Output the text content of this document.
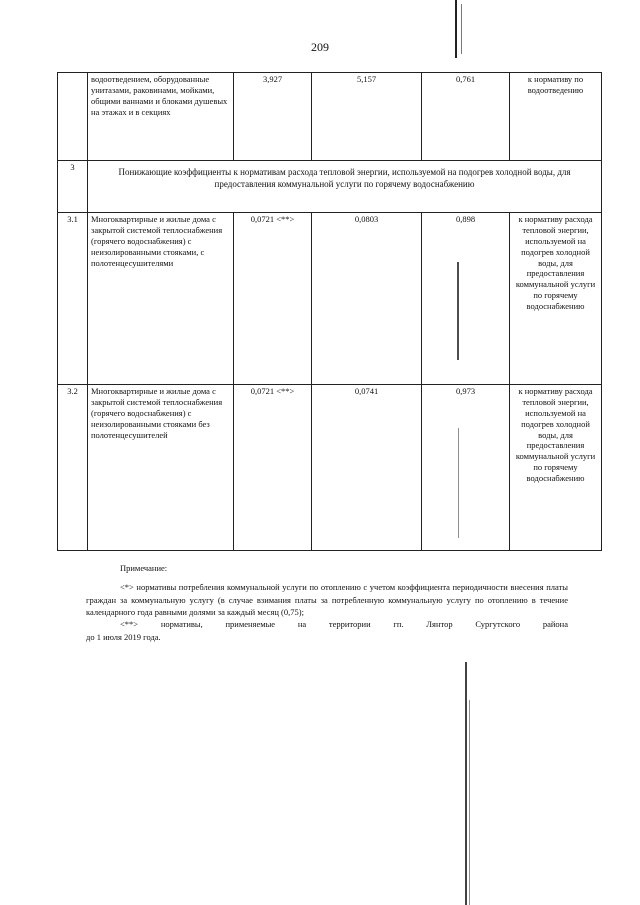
209
	водоотведением, оборудованные унитазами, раковинами, мойками, общими ваннами и блоками душевых на этажах и в секциях	3,927	5,157	0,761	к нормативу по водоотведению
3	Понижающие коэффициенты к нормативам расхода тепловой энергии, используемой на подогрев холодной воды, для предоставления коммунальной услуги по горячему водоснабжению				

3.1	Многоквартирные и жилые дома с закрытой системой теплоснабжения (горячего водоснабжения) с неизолированными стояками, с полотенцесушителями	0,0721 <**>	0,0803	0,898	к нормативу расхода тепловой энергии, используемой на подогрев холодной воды, для предоставления коммунальной услуги по горячему водоснабжению
3.2	Многоквартирные и жилые дома с закрытой системой теплоснабжения (горячего водоснабжения) с неизолированными стояками без полотенцесушителей	0,0721 <**>	0,0741	0,973	к нормативу расхода тепловой энергии, используемой на подогрев холодной воды, для предоставления коммунальной услуги по горячему водоснабжению

Примечание:

<*> нормативы потребления коммунальной услуги по отоплению с учетом коэффициента периодичности внесения платы граждан за коммунальную услугу (в случае взимания платы за потребленную коммунальную услугу по отоплению в течение календарного года равными долями за каждый месяц (0,75);

<**> нормативы, применяемые на территории гп. Лянтор Сургутского района

до 1 июля 2019 года.
